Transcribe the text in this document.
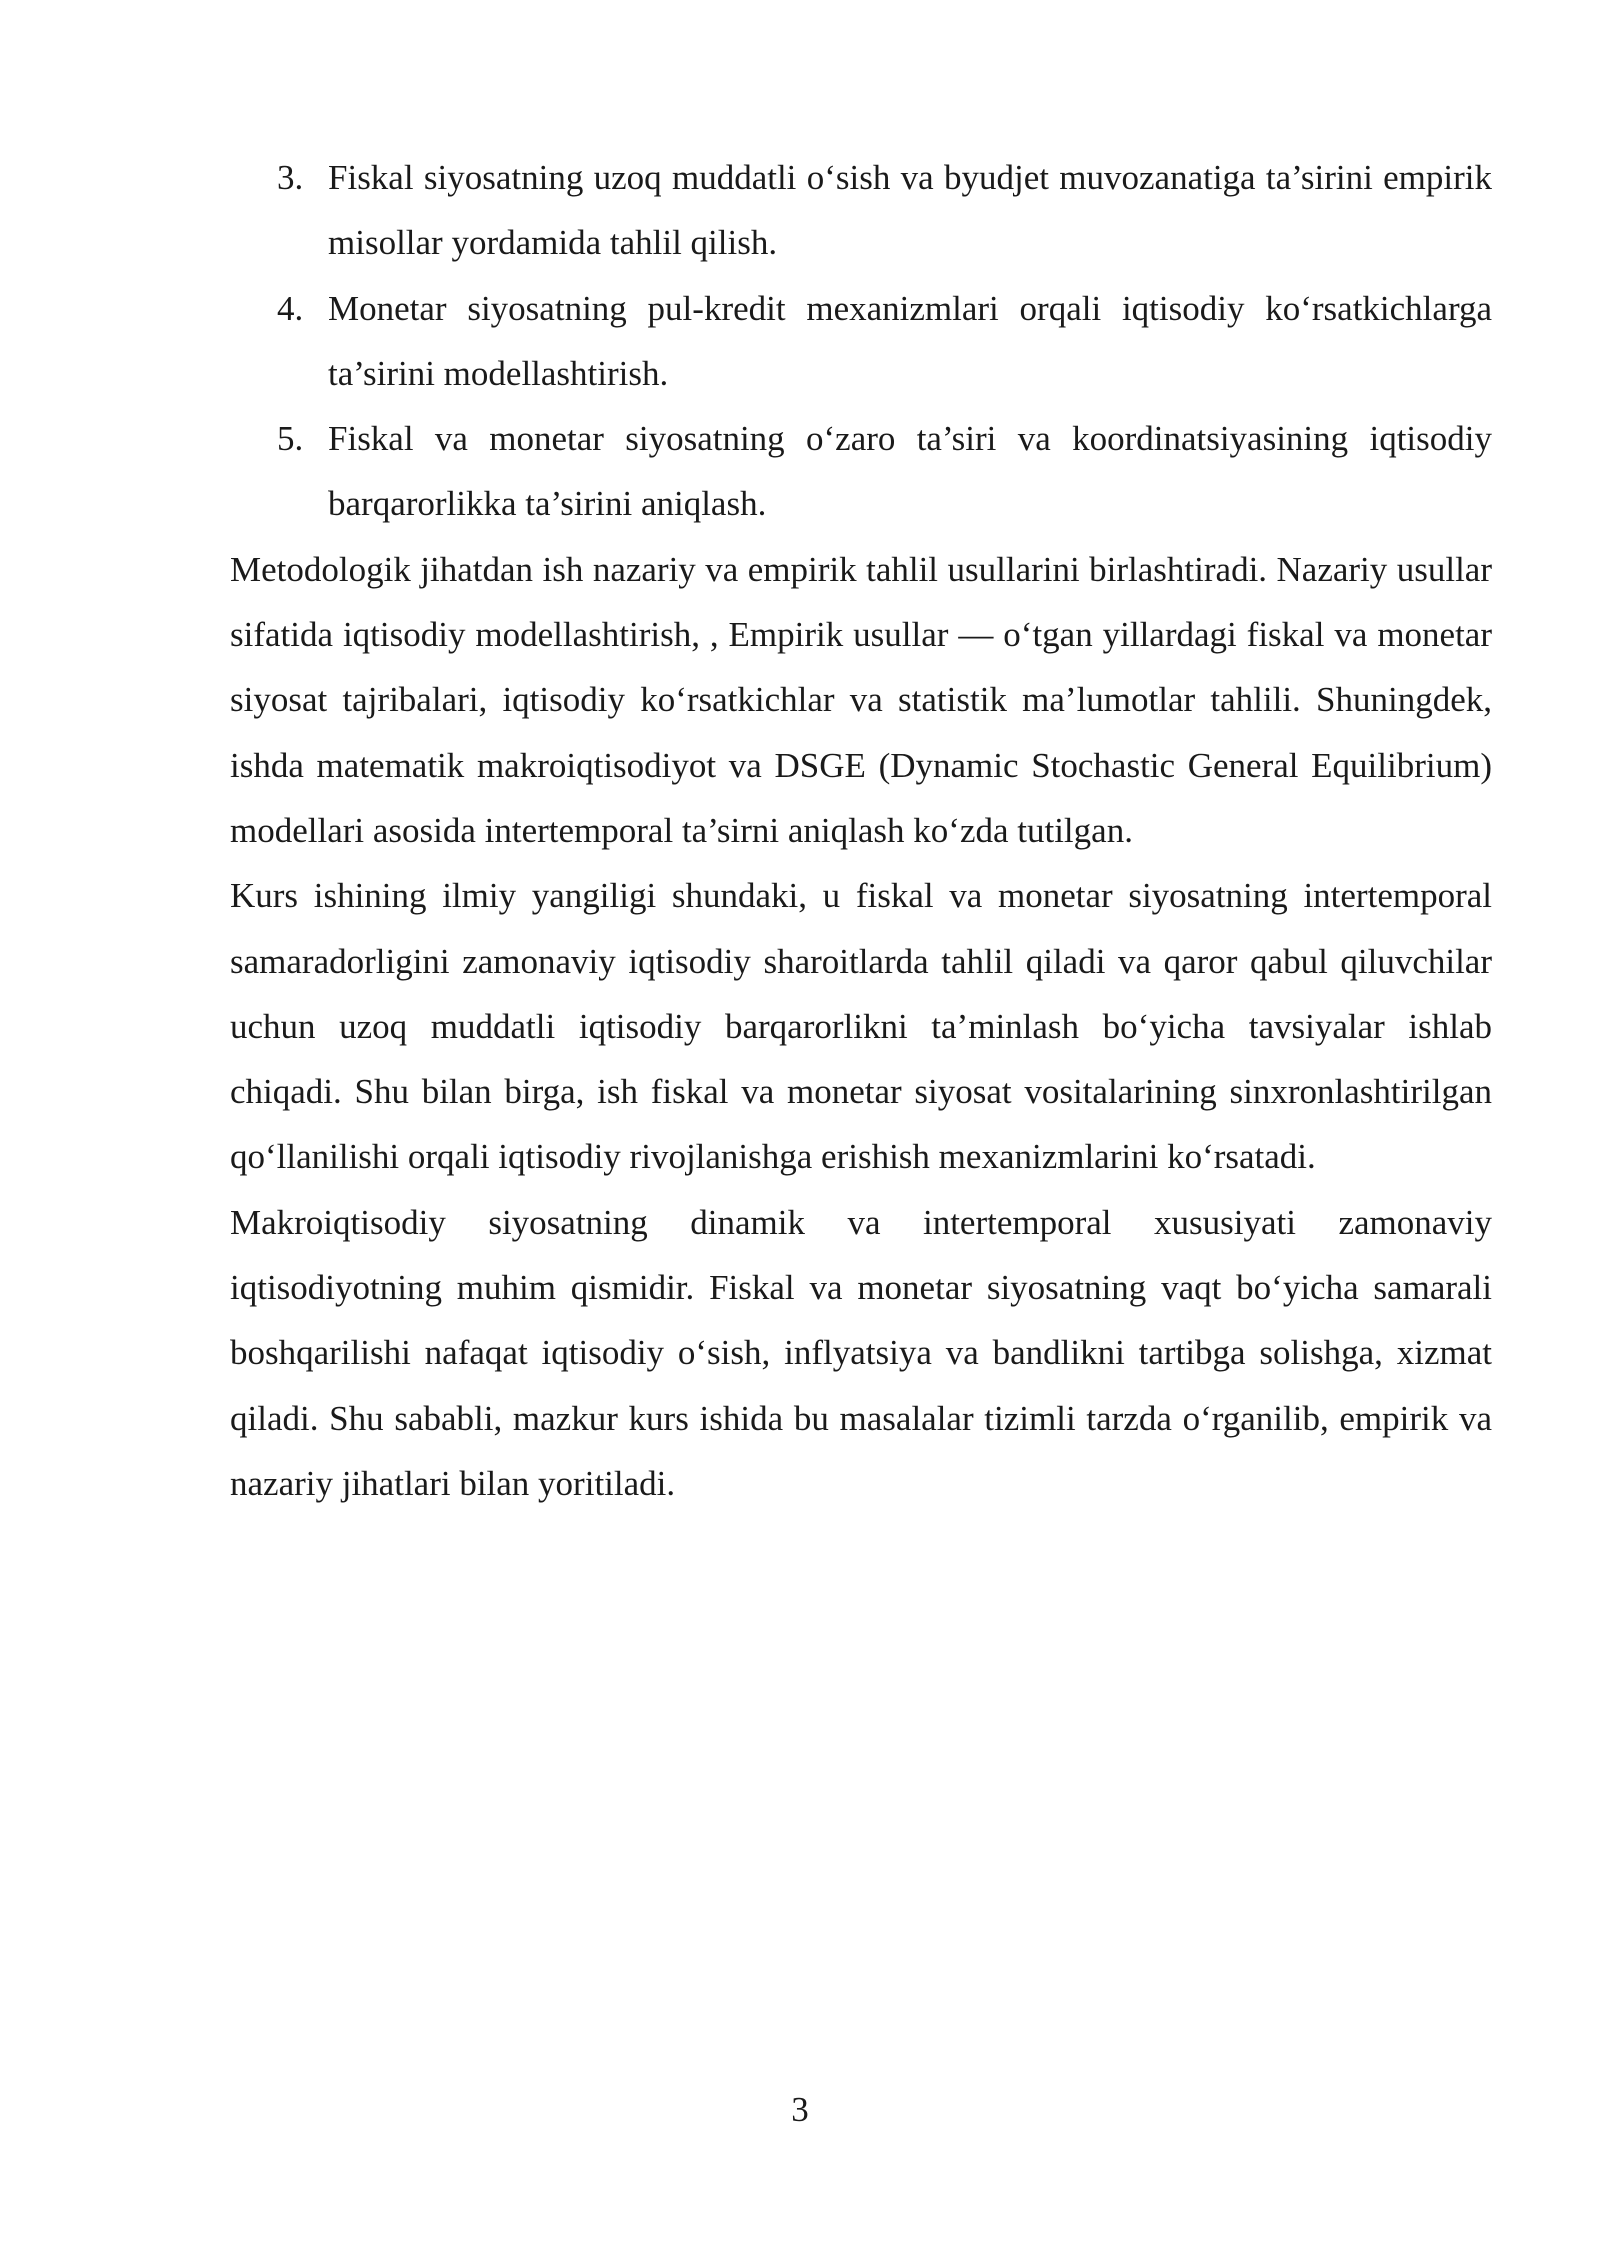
3. Fiskal siyosatning uzoq muddatli o‘sish va byudjet muvozanatiga ta’sirini empirik misollar yordamida tahlil qilish.
4. Monetar siyosatning pul-kredit mexanizmlari orqali iqtisodiy ko‘rsatkichlarga ta’sirini modellashtirish.
5. Fiskal va monetar siyosatning o‘zaro ta’siri va koordinatsiyasining iqtisodiy barqarorlikka ta’sirini aniqlash.

Metodologik jihatdan ish nazariy va empirik tahlil usullarini birlashtiradi. Nazariy usullar sifatida iqtisodiy modellashtirish, , Empirik usullar — o‘tgan yillardagi fiskal va monetar siyosat tajribalari, iqtisodiy ko‘rsatkichlar va statistik ma’lumotlar tahlili. Shuningdek, ishda matematik makroiqtisodiyot va DSGE (Dynamic Stochastic General Equilibrium) modellari asosida intertemporal ta’sirni aniqlash ko‘zda tutilgan.

Kurs ishining ilmiy yangiligi shundaki, u fiskal va monetar siyosatning intertemporal samaradorligini zamonaviy iqtisodiy sharoitlarda tahlil qiladi va qaror qabul qiluvchilar uchun uzoq muddatli iqtisodiy barqarorlikni ta’minlash bo‘yicha tavsiyalar ishlab chiqadi. Shu bilan birga, ish fiskal va monetar siyosat vositalarining sinxronlashtirilgan qo‘llanilishi orqali iqtisodiy rivojlanishga erishish mexanizmlarini ko‘rsatadi.

Makroiqtisodiy siyosatning dinamik va intertemporal xususiyati zamonaviy iqtisodiyotning muhim qismidir. Fiskal va monetar siyosatning vaqt bo‘yicha samarali boshqarilishi nafaqat iqtisodiy o‘sish, inflyatsiya va bandlikni tartibga solishga, xizmat qiladi. Shu sababli, mazkur kurs ishida bu masalalar tizimli tarzda o‘rganilib, empirik va nazariy jihatlari bilan yoritiladi.

3
